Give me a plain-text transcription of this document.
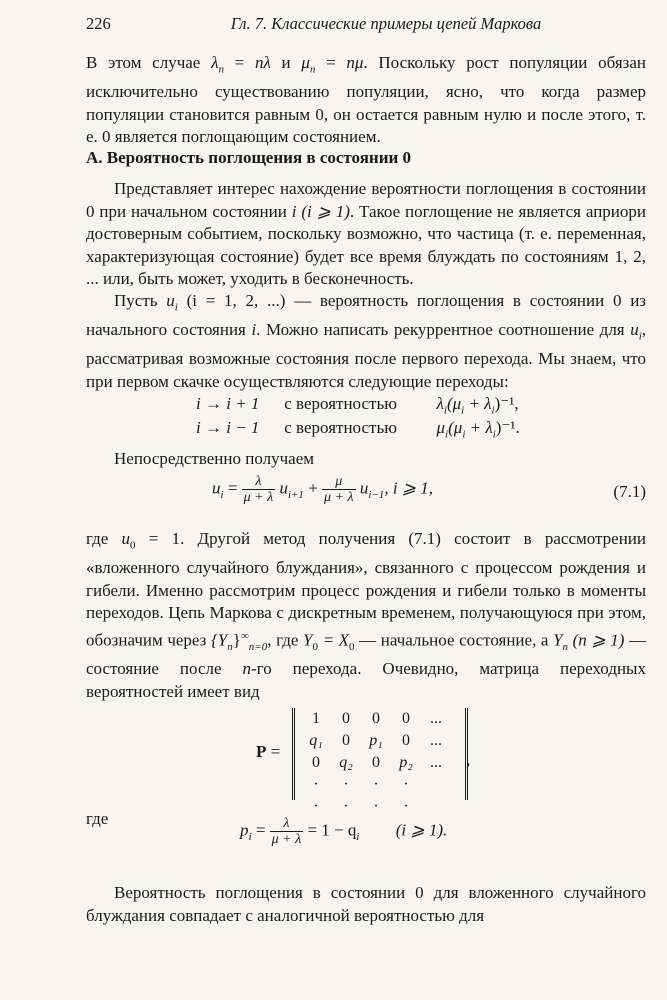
226	Гл. 7. Классические примеры цепей Маркова

В этом случае $\lambda_n = n\lambda$ и $\mu_n = n\mu$. Поскольку рост популяции обязан исключительно существованию популяции, ясно, что когда размер популяции становится равным 0, он остается равным нулю и после этого, т. е. 0 является поглощающим состоянием.

А. Вероятность поглощения в состоянии 0

Представляет интерес нахождение вероятности поглощения в состоянии 0 при начальном состоянии i (i ⩾ 1). Такое поглощение не является априори достоверным событием, поскольку возможно, что частица (т. е. переменная, характеризующая состояние) будет все время блуждать по состояниям 1, 2, ... или, быть может, уходить в бесконечность.

Пусть $u_i$ (i = 1, 2, ...) — вероятность поглощения в состоянии 0 из начального состояния i. Можно написать рекуррентное соотношение для $u_i$, рассматривая возможные состояния после первого перехода. Мы знаем, что при первом скачке осуществляются следующие переходы:

i → i + 1 с вероятностью $\lambda_i(\mu_i + \lambda_i)^{-1}$,
i → i − 1 с вероятностью $\mu_i(\mu_i + \lambda_i)^{-1}$.

Непосредственно получаем

$u_i = \frac{\lambda}{\mu + \lambda} u_{i+1} + \frac{\mu}{\mu + \lambda} u_{i-1}$, i ⩾ 1,	(7.1)

где $u_0 = 1$. Другой метод получения (7.1) состоит в рассмотрении «вложенного случайного блуждания», связанного с процессом рождения и гибели. Именно рассмотрим процесс рождения и гибели только в моменты переходов. Цепь Маркова с дискретным временем, получающуюся при этом, обозначим через $\{Y_n\}^\infty_{n=0}$, где $Y_0 = X_0$ — начальное состояние, а $Y_n$ (n ⩾ 1) — состояние после n-го перехода. Очевидно, матрица переходных вероятностей имеет вид

P =
1	0	0	0	...
q₁	0	p₁	0	...
0	q₂	0	p₂	...
·	·	·	·	
·	·	·	·	
,

где

$p_i = \frac{\lambda}{\mu + \lambda} = 1 - q_i$ (i ⩾ 1).

Вероятность поглощения в состоянии 0 для вложенного случайного блуждания совпадает с аналогичной вероятностью для
